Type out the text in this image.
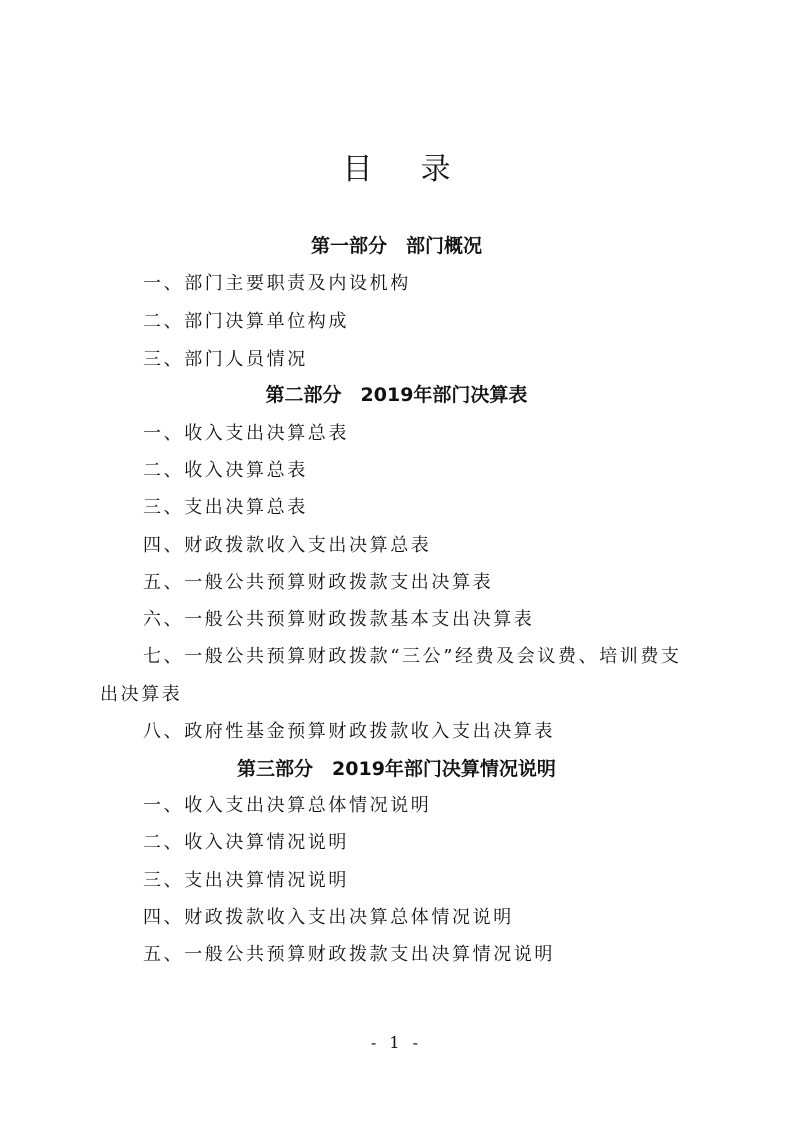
目录
第一部分　部门概况
一、部门主要职责及内设机构
二、部门决算单位构成
三、部门人员情况
第二部分　2019年部门决算表
一、收入支出决算总表
二、收入决算总表
三、支出决算总表
四、财政拨款收入支出决算总表
五、一般公共预算财政拨款支出决算表
六、一般公共预算财政拨款基本支出决算表
七、一般公共预算财政拨款“三公”经费及会议费、培训费支出决算表
八、政府性基金预算财政拨款收入支出决算表
第三部分　2019年部门决算情况说明
一、收入支出决算总体情况说明
二、收入决算情况说明
三、支出决算情况说明
四、财政拨款收入支出决算总体情况说明
五、一般公共预算财政拨款支出决算情况说明
- 1 -
